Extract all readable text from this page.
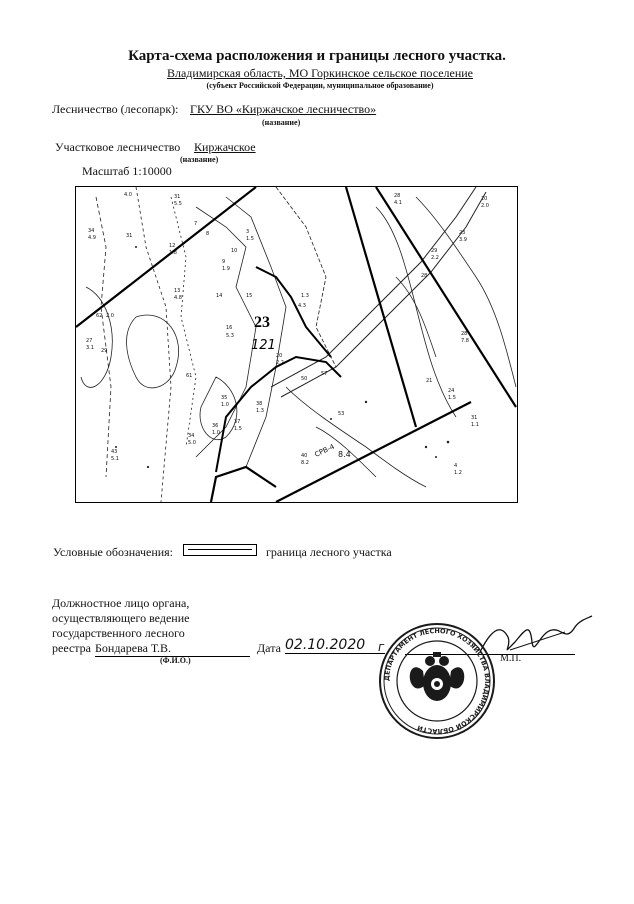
Карта-схема расположения и границы лесного участка.
Владимирская область, МО Горкинское сельское поселение
(субъект Российской Федерации, муниципальное образование)
Лесничество (лесопарк): ГКУ ВО «Киржачское лесничество»
(название)
Участковое лесничество Киржачское
(название)
Масштаб 1:10000
4.0	31
5.5
34
4.9	31
7
8	3
1.5
12
1.8
9
1.9
10
13
4.8	14	15
16
5.3
62 2.0
27
3.1 29
61
20
2.2
50
57
35
1.0
36
1.0
37
1.5
38
1.3
34
5.0
43
5.1	40
8.2
28
4.1
20
2.0
23
3.9
29
2.2
28
28
7.8
21
24
1.5
31
1.1
4
1.2
53
1.3
4.3
СРВ-4 8.4
23
121
Условные обозначения:	граница лесного участка
Должностное лицо органа,
осуществляющего ведение
государственного лесного
реестра Бондарева Т.В.
(Ф.И.О.)
Дата 02.10.2020	г
М.П.
ДЕПАРТАМЕНТ ЛЕСНОГО ХОЗЯЙСТВА ВЛАДИМИРСКОЙ ОБЛАСТИ
